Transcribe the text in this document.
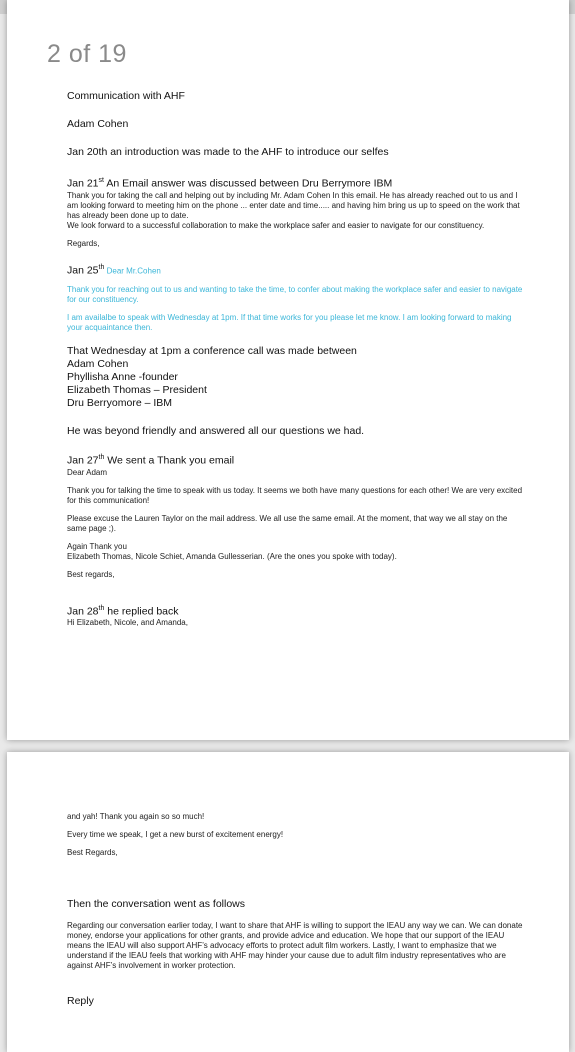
2 of 19

Communication with AHF

Adam Cohen

Jan 20th an introduction was made to the AHF to introduce our selfes

Jan 21st An Email answer was discussed between Dru Berrymore IBM

Thank you for taking the call and helping out by including Mr. Adam Cohen In this email. He has already reached out to us and I am looking forward to meeting him on the phone ... enter date and time..... and having him bring us up to speed on the work that has already been done up to date.

We look forward to a successful collaboration to make the workplace safer and easier to navigate for our constituency.

Regards,

Jan 25th Dear Mr.Cohen

Thank you for reaching out to us and wanting to take the time, to confer about making the workplace safer and easier to navigate for our constituency.

I am availalbe to speak with Wednesday at 1pm. If that time works for you please let me know. I am looking forward to making your acquaintance then.

That Wednesday at 1pm a conference call was made between

Adam Cohen

Phyllisha Anne -founder

Elizabeth Thomas – President

Dru Berryomore – IBM

He was beyond friendly and answered all our questions we had.

Jan 27th We sent a Thank you email

Dear Adam

Thank you for talking the time to speak with us today. It seems we both have many questions for each other! We are very excited for this communication!

Please excuse the Lauren Taylor on the mail address. We all use the same email. At the moment, that way we all stay on the same page ;).

Again Thank you

Elizabeth Thomas, Nicole Schiet, Amanda Gullesserian. (Are the ones you spoke with today).

Best regards,

Jan 28th he replied back

Hi Elizabeth, Nicole, and Amanda,

and yah! Thank you again so so much!

Every time we speak, I get a new burst of excitement energy!

Best Regards,

Then the conversation went as follows

Regarding our conversation earlier today, I want to share that AHF is willing to support the IEAU any way we can. We can donate money, endorse your applications for other grants, and provide advice and education. We hope that our support of the IEAU means the IEAU will also support AHF’s advocacy efforts to protect adult film workers. Lastly, I want to emphasize that we understand if the IEAU feels that working with AHF may hinder your cause due to adult film industry representatives who are against AHF’s involvement in worker protection.

Reply
